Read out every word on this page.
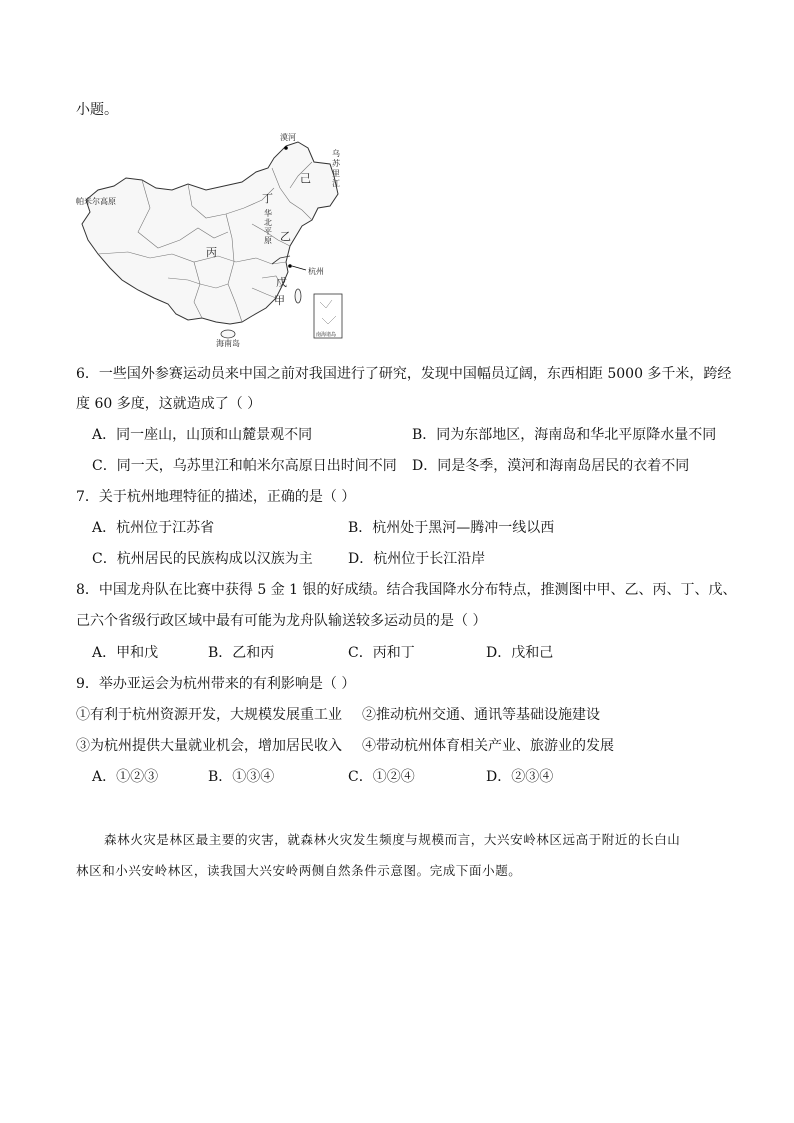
小题。
漠河
乌
苏
里
江
己
丁
华
北
平
原 乙
帕米尔高原
丙
杭州
戊
甲
海南岛
南海诸岛
6．一些国外参赛运动员来中国之前对我国进行了研究，发现中国幅员辽阔，东西相距 5000 多千米，跨经
度 60 多度，这就造成了（ ）
A．同一座山，山顶和山麓景观不同	B．同为东部地区，海南岛和华北平原降水量不同
C．同一天，乌苏里江和帕米尔高原日出时间不同 D．同是冬季，漠河和海南岛居民的衣着不同
7．关于杭州地理特征的描述，正确的是（ ）
A．杭州位于江苏省	B．杭州处于黑河—腾冲一线以西
C．杭州居民的民族构成以汉族为主	D．杭州位于长江沿岸
8．中国龙舟队在比赛中获得 5 金 1 银的好成绩。结合我国降水分布特点，推测图中甲、乙、丙、丁、戊、
己六个省级行政区域中最有可能为龙舟队输送较多运动员的是（ ）
A．甲和戊	B．乙和丙	C．丙和丁	D．戊和己
9．举办亚运会为杭州带来的有利影响是（ ）
①有利于杭州资源开发，大规模发展重工业 ②推动杭州交通、通讯等基础设施建设
③为杭州提供大量就业机会，增加居民收入 ④带动杭州体育相关产业、旅游业的发展
A．①②③	B．①③④	C．①②④	D．②③④
森林火灾是林区最主要的灾害，就森林火灾发生频度与规模而言，大兴安岭林区远高于附近的长白山
林区和小兴安岭林区，读我国大兴安岭两侧自然条件示意图。完成下面小题。
